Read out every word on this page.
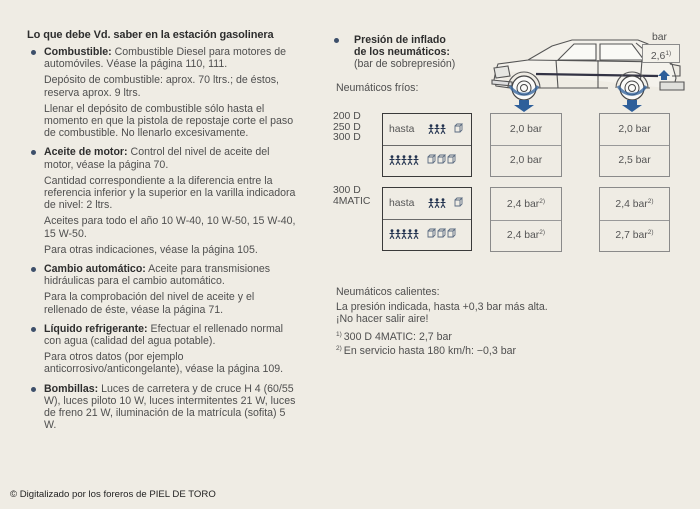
Lo que debe Vd. saber en la estación gasolinera

Combustible: Combustible Diesel para motores de automóviles. Véase la página 110, 111.

Depósito de combustible: aprox. 70 ltrs.; de éstos, reserva aprox. 9 ltrs.

Llenar el depósito de combustible sólo hasta el momento en que la pistola de repostaje corte el paso de combustible. No llenarlo excesivamente.

Aceite de motor: Control del nivel de aceite del motor, véase la página 70.

Cantidad correspondiente a la diferencia entre la referencia inferior y la superior en la varilla indicadora de nivel: 2 ltrs.

Aceites para todo el año 10 W-40, 10 W-50, 15 W-40, 15 W-50.

Para otras indicaciones, véase la página 105.

Cambio automático: Aceite para transmisiones hidráulicas para el cambio automático.

Para la comprobación del nivel de aceite y el rellenado de éste, véase la página 71.

Líquido refrigerante: Efectuar el rellenado normal con agua (calidad del agua potable).

Para otros datos (por ejemplo anticorrosivo/anticongelante), véase la página 109.

Bombillas: Luces de carretera y de cruce H 4 (60/55 W), luces piloto 10 W, luces intermitentes 21 W, luces de freno 21 W, iluminación de la matrícula (sofita) 5 W.

Presión de inflado
de los neumáticos:
(bar de sobrepresión)
Neumáticos fríos:
bar
2,6$^{1)}$
200 D
250 D
300 D
hasta	2,0 bar
2,0 bar
2,0 bar
2,5 bar
300 D
4MATIC hasta	2,4 bar$^{2)}$
2,4 bar$^{2)}$
2,4 bar$^{2)}$
2,7 bar$^{2)}$

Neumáticos calientes:

La presión indicada, hasta +0,3 bar más alta.

¡No hacer salir aire!

$^{1)}$ 300 D 4MATIC: 2,7 bar
$^{2)}$ En servicio hasta 180 km/h: −0,3 bar
© Digitalizado por los foreros de PIEL DE TORO
